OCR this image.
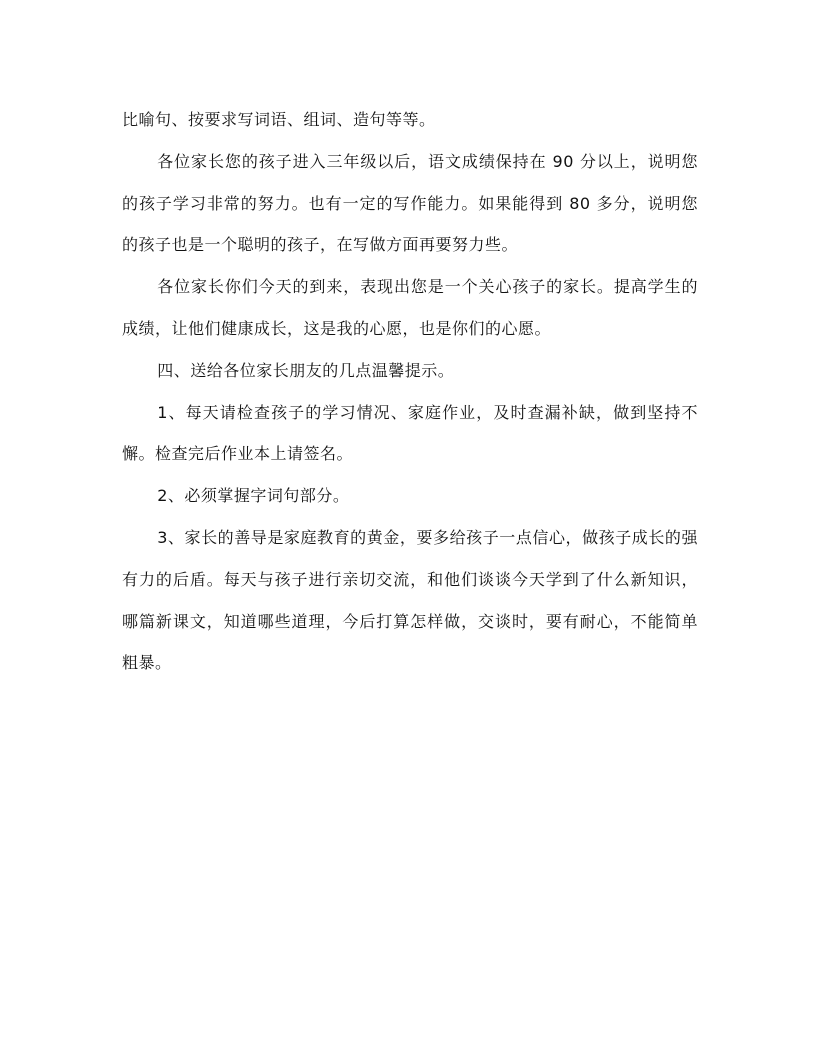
比喻句、按要求写词语、组词、造句等等。

各位家长您的孩子进入三年级以后，语文成绩保持在 90 分以上，说明您的孩子学习非常的努力。也有一定的写作能力。如果能得到 80 多分，说明您的孩子也是一个聪明的孩子，在写做方面再要努力些。

各位家长你们今天的到来，表现出您是一个关心孩子的家长。提高学生的成绩，让他们健康成长，这是我的心愿，也是你们的心愿。

四、送给各位家长朋友的几点温馨提示。

1、每天请检查孩子的学习情况、家庭作业，及时查漏补缺，做到坚持不懈。检查完后作业本上请签名。

2、必须掌握字词句部分。

3、家长的善导是家庭教育的黄金，要多给孩子一点信心，做孩子成长的强有力的后盾。每天与孩子进行亲切交流，和他们谈谈今天学到了什么新知识，哪篇新课文，知道哪些道理，今后打算怎样做，交谈时，要有耐心，不能简单粗暴。
